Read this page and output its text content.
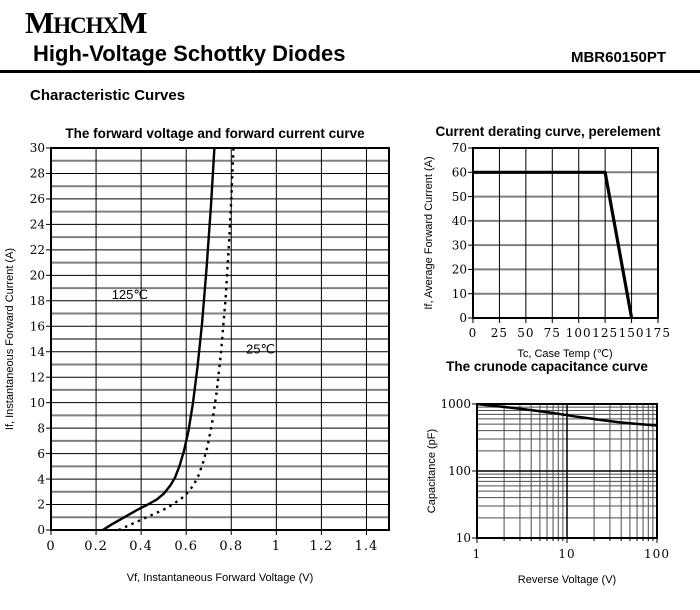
MHCHXM
High-Voltage Schottky Diodes	MBR60150PT
Characteristic Curves
0
2
4
6
8
10
12
14
16
18
20
22
24
26
28
30
0 0.2 0.4 0.6 0.8 1 1.2 1.4
The forward voltage and forward current curve
Vf, Instantaneous Forward Voltage (V)
If, Instantaneous Forward Current (A)	125℃
25℃
0
10
20
30
40
50
60
70
0 25 50 75 100 125 150 175
Current derating curve, perelement
Tc, Case Temp (℃)
If, Average Forward Current (A)
10
100
1000
1	10	100
The crunode capacitance curve
Reverse Voltage (V)
Capacitance (pF)
